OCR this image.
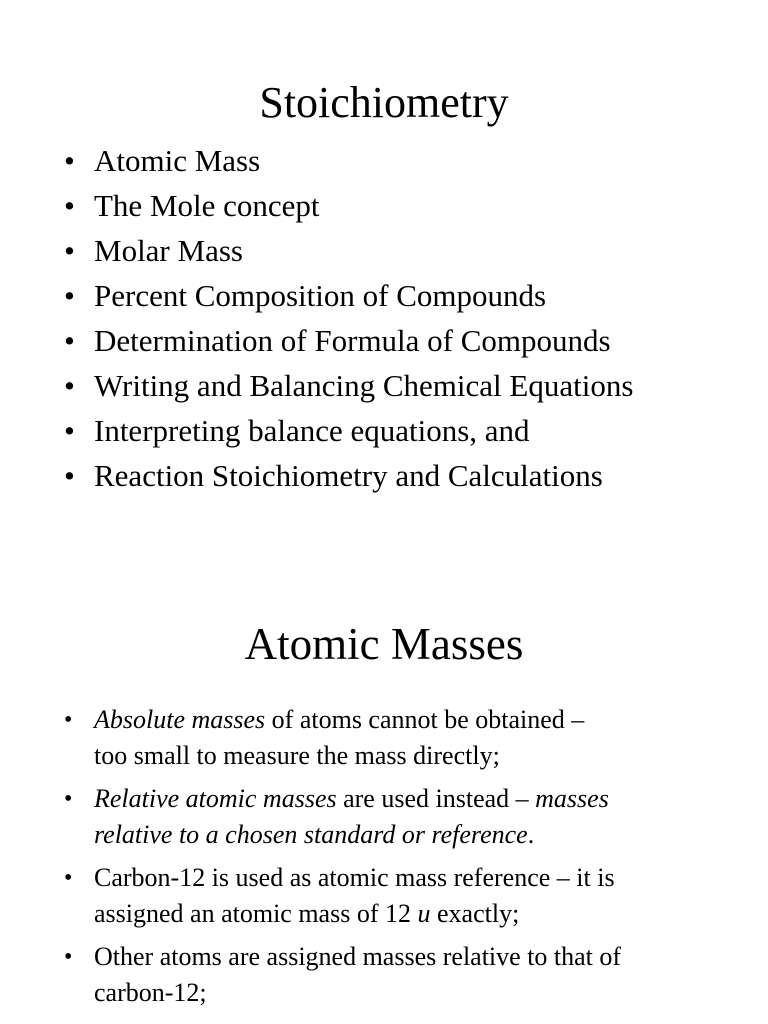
Stoichiometry
• Atomic Mass
• The Mole concept
• Molar Mass
• Percent Composition of Compounds
• Determination of Formula of Compounds
• Writing and Balancing Chemical Equations
• Interpreting balance equations, and
• Reaction Stoichiometry and Calculations
Atomic Masses
• Absolute masses of atoms cannot be obtained –
too small to measure the mass directly;
• Relative atomic masses are used instead – masses
relative to a chosen standard or reference.
• Carbon-12 is used as atomic mass reference – it is
assigned an atomic mass of 12 u exactly;
• Other atoms are assigned masses relative to that of
carbon-12;
